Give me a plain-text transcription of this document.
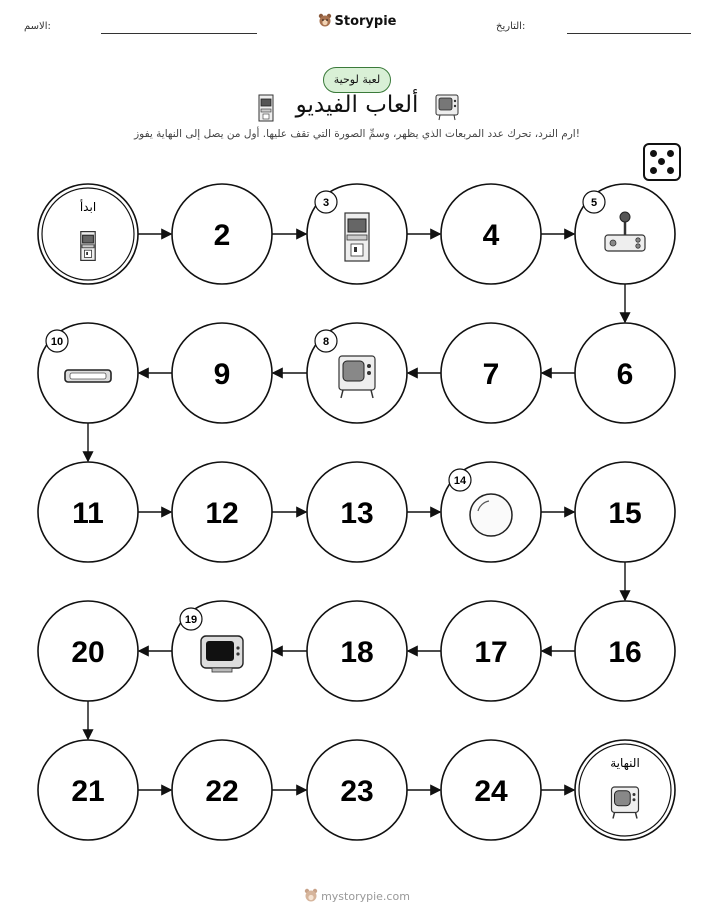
الاسم:	التاريخ:
Storypie
لعبة لوحية
ألعاب الفيديو
ارم النرد، تحرك عدد المربعات الذي يظهر، وسمِّ الصورة التي تقف عليها. أول من يصل إلى النهاية يفوز!
ابدأ
2
3
4
5
6
7
8
9
10
11	12	13
14
15
16
17
18
19
20
21	22	23	24
النهاية
mystorypie.com
